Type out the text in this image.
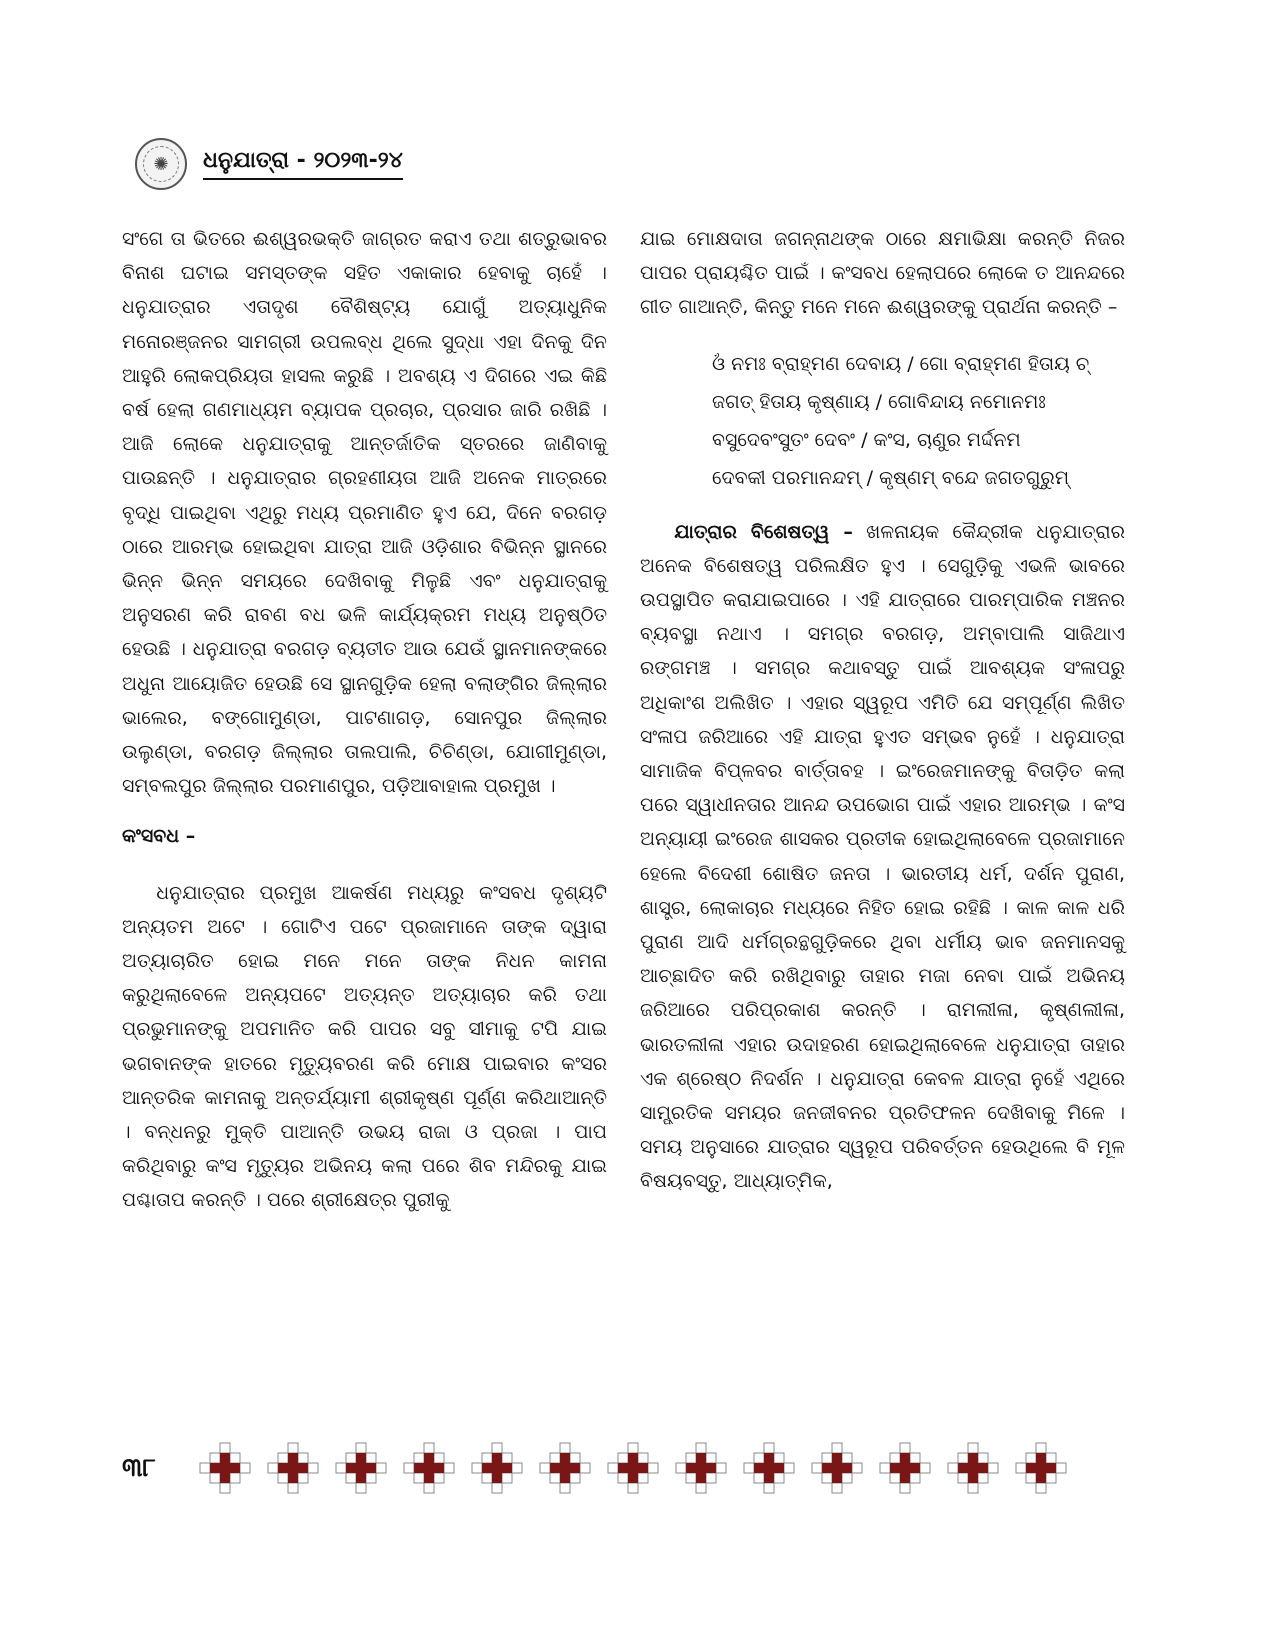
✺	ଧନୁଯାତ୍ରା - ୨୦୨୩-୨୪

ସଂଗେ ତା ଭିତରେ ଈଶ୍ୱରଭକ୍ତି ଜାଗ୍ରତ କରାଏ ତଥା ଶତ୍ରୁଭାବର ବିନାଶ ଘଟାଇ ସମସ୍ତଙ୍କ ସହିତ ଏକାକାର ହେବାକୁ ଚାହେଁ । ଧନୁଯାତ୍ରାର ଏତାଦୃଶ ବୈଶିଷ୍ଟ୍ୟ ଯୋଗୁଁ ଅତ୍ୟାଧୁନିକ ମନୋରଞ୍ଜନର ସାମଗ୍ରୀ ଉପଲବ୍ଧ ଥିଲେ ସୁଦ୍ଧା ଏହା ଦିନକୁ ଦିନ ଆହୁରି ଲୋକପ୍ରିୟତା ହାସଲ କରୁଛି । ଅବଶ୍ୟ ଏ ଦିଗରେ ଏଇ କିଛି ବର୍ଷ ହେଲା ଗଣମାଧ୍ୟମ ବ୍ୟାପକ ପ୍ରଚାର, ପ୍ରସାର ଜାରି ରଖିଛି । ଆଜି ଲୋକେ ଧନୁଯାତ୍ରାକୁ ଆନ୍ତର୍ଜାତିକ ସ୍ତରରେ ଜାଣିବାକୁ ପାଉଛନ୍ତି । ଧନୁଯାତ୍ରାର ଗ୍ରହଣୀୟତା ଆଜି ଅନେକ ମାତ୍ରରେ ବୃଦ୍ଧି ପାଇଥିବା ଏଥିରୁ ମଧ୍ୟ ପ୍ରମାଣିତ ହୁଏ ଯେ, ଦିନେ ବରଗଡ଼ ଠାରେ ଆରମ୍ଭ ହୋଇଥିବା ଯାତ୍ରା ଆଜି ଓଡ଼ିଶାର ବିଭିନ୍ନ ସ୍ଥାନରେ ଭିନ୍ନ ଭିନ୍ନ ସମୟରେ ଦେଖିବାକୁ ମିଳୁଛି ଏବଂ ଧନୁଯାତ୍ରାକୁ ଅନୁସରଣ କରି ରାବଣ ବଧ ଭଳି କାର୍ଯ୍ୟକ୍ରମ ମଧ୍ୟ ଅନୁଷ୍ଠିତ ହେଉଛି । ଧନୁଯାତ୍ରା ବରଗଡ଼ ବ୍ୟତୀତ ଆଉ ଯେଉଁ ସ୍ଥାନମାନଙ୍କରେ ଅଧୁନା ଆୟୋଜିତ ହେଉଛି ସେ ସ୍ଥାନଗୁଡ଼ିକ ହେଲା ବଲାଙ୍ଗିର ଜିଲ୍ଲାର ଭାଲେର, ବଙ୍ଗୋମୁଣ୍ଡା, ପାଟଣାଗଡ଼, ସୋନପୁର ଜିଲ୍ଲାର ଉଲୁଣ୍ଡା, ବରଗଡ଼ ଜିଲ୍ଲାର ତାଲପାଲି, ଚିଚିଣ୍ଡା, ଯୋଗୀମୁଣ୍ଡା, ସମ୍ବଲପୁର ଜିଲ୍ଲାର ପରମାଣପୁର, ପଡ଼ିଆବାହାଲ ପ୍ରମୁଖ ।

କଂସବଧ –

ଧନୁଯାତ୍ରାର ପ୍ରମୁଖ ଆକର୍ଷଣ ମଧ୍ୟରୁ କଂସବଧ ଦୃଶ୍ୟଟି ଅନ୍ୟତମ ଅଟେ । ଗୋଟିଏ ପଟେ ପ୍ରଜାମାନେ ତାଙ୍କ ଦ୍ୱାରା ଅତ୍ୟାଚାରିତ ହୋଇ ମନେ ମନେ ତାଙ୍କ ନିଧନ କାମନା କରୁଥିଲାବେଳେ ଅନ୍ୟପଟେ ଅତ୍ୟନ୍ତ ଅତ୍ୟାଚାର କରି ତଥା ପ୍ରଭୁମାନଙ୍କୁ ଅପମାନିତ କରି ପାପର ସବୁ ସୀମାକୁ ଟପି ଯାଇ ଭଗବାନଙ୍କ ହାତରେ ମୃତ୍ୟୁବରଣ କରି ମୋକ୍ଷ ପାଇବାର କଂସର ଆନ୍ତରିକ କାମନାକୁ ଅନ୍ତର୍ଯ୍ୟାମୀ ଶ୍ରୀକୃଷ୍ଣ ପୂର୍ଣ୍ଣ କରିଥାଆନ୍ତି । ବନ୍ଧନରୁ ମୁକ୍ତି ପାଆନ୍ତି ଉଭୟ ରାଜା ଓ ପ୍ରଜା । ପାପ କରିଥିବାରୁ କଂସ ମୃତ୍ୟୁର ଅଭିନୟ କଲା ପରେ ଶିବ ମନ୍ଦିରକୁ ଯାଇ ପଶ୍ଚାତାପ କରନ୍ତି । ପରେ ଶ୍ରୀକ୍ଷେତ୍ର ପୁରୀକୁ

ଯାଇ ମୋକ୍ଷଦାତା ଜଗନ୍ନାଥଙ୍କ ଠାରେ କ୍ଷମାଭିକ୍ଷା କରନ୍ତି ନିଜର ପାପର ପ୍ରାୟଶ୍ଚିତ ପାଇଁ । କଂସବଧ ହେଲାପରେ ଲୋକେ ତ ଆନନ୍ଦରେ ଗୀତ ଗାଆନ୍ତି, କିନ୍ତୁ ମନେ ମନେ ଈଶ୍ୱରଙ୍କୁ ପ୍ରାର୍ଥନା କରନ୍ତି –

ଓଁ ନମଃ ବ୍ରାହ୍ମଣ ଦେବାୟ / ଗୋ ବ୍ରାହ୍ମଣ ହିତାୟ ଚ୍
ଜଗତ୍ ହିତାୟ କୃଷ୍ଣାୟ / ଗୋବିନ୍ଦାୟ ନମୋନମଃ
ବସୁଦେବଂସୁତଂ ଦେବଂ / କଂସ, ଚାଣୁର ମର୍ଦ୍ଦନମ
ଦେବକୀ ପରମାନନ୍ଦମ୍ / କୃଷ୍ଣମ୍ ବନ୍ଦେ ଜଗତଗୁରୁମ୍

ଯାତ୍ରାର ବିଶେଷତ୍ୱ – ଖଳନାୟକ କୈନ୍ଦ୍ରୀକ ଧନୁଯାତ୍ରାର ଅନେକ ବିଶେଷତ୍ୱ ପରିଲକ୍ଷିତ ହୁଏ । ସେଗୁଡ଼ିକୁ ଏଭଳି ଭାବରେ ଉପସ୍ଥାପିତ କରାଯାଇପାରେ । ଏହି ଯାତ୍ରାରେ ପାରମ୍ପାରିକ ମଞ୍ଚନର ବ୍ୟବସ୍ଥା ନଥାଏ । ସମଗ୍ର ବରଗଡ଼, ଅମ୍ବାପାଲି ସାଜିଥାଏ ରଙ୍ଗମଞ୍ଚ । ସମଗ୍ର କଥାବସ୍ତୁ ପାଇଁ ଆବଶ୍ୟକ ସଂଳାପରୁ ଅଧିକାଂଶ ଅଲିଖିତ । ଏହାର ସ୍ୱରୂପ ଏମିତି ଯେ ସମ୍ପୂର୍ଣ୍ଣ ଲିଖିତ ସଂଳାପ ଜରିଆରେ ଏହି ଯାତ୍ରା ହୁଏତ ସମ୍ଭବ ନୁହେଁ । ଧନୁଯାତ୍ରା ସାମାଜିକ ବିପ୍ଳବର ବାର୍ତ୍ତାବହ । ଇଂରେଜମାନଙ୍କୁ ବିତାଡ଼ିତ କଲା ପରେ ସ୍ୱାଧୀନତାର ଆନନ୍ଦ ଉପଭୋଗ ପାଇଁ ଏହାର ଆରମ୍ଭ । କଂସ ଅନ୍ୟାୟୀ ଇଂରେଜ ଶାସକର ପ୍ରତୀକ ହୋଇଥିଲାବେଳେ ପ୍ରଜାମାନେ ହେଲେ ବିଦେଶୀ ଶୋଷିତ ଜନତା । ଭାରତୀୟ ଧର୍ମ, ଦର୍ଶନ ପୁରାଣ, ଶାସ୍ତ୍ର, ଲୋକାଚାର ମଧ୍ୟରେ ନିହିତ ହୋଇ ରହିଛି । କାଳ କାଳ ଧରି ପୁରାଣ ଆଦି ଧର୍ମଗ୍ରନ୍ଥଗୁଡ଼ିକରେ ଥିବା ଧର୍ମୀୟ ଭାବ ଜନମାନସକୁ ଆଚ୍ଛାଦିତ କରି ରଖିଥିବାରୁ ତାହାର ମଜା ନେବା ପାଇଁ ଅଭିନୟ ଜରିଆରେ ପରିପ୍ରକାଶ କରନ୍ତି । ରାମଲୀଳା, କୃଷ୍ଣଲୀଳା, ଭାରତଲୀଳା ଏହାର ଉଦାହରଣ ହୋଇଥିଲାବେଳେ ଧନୁଯାତ୍ରା ତାହାର ଏକ ଶ୍ରେଷ୍ଠ ନିଦର୍ଶନ । ଧନୁଯାତ୍ରା କେବଳ ଯାତ୍ରା ନୁହେଁ ଏଥିରେ ସାମ୍ପ୍ରତିକ ସମୟର ଜନଜୀବନର ପ୍ରତିଫଳନ ଦେଖିବାକୁ ମିଳେ । ସମୟ ଅନୁସାରେ ଯାତ୍ରାର ସ୍ୱରୂପ ପରିବର୍ତ୍ତନ ହେଉଥିଲେ ବି ମୂଳ ବିଷୟବସ୍ତୁ, ଆଧ୍ୟାତ୍ମିକ,

୩୮
